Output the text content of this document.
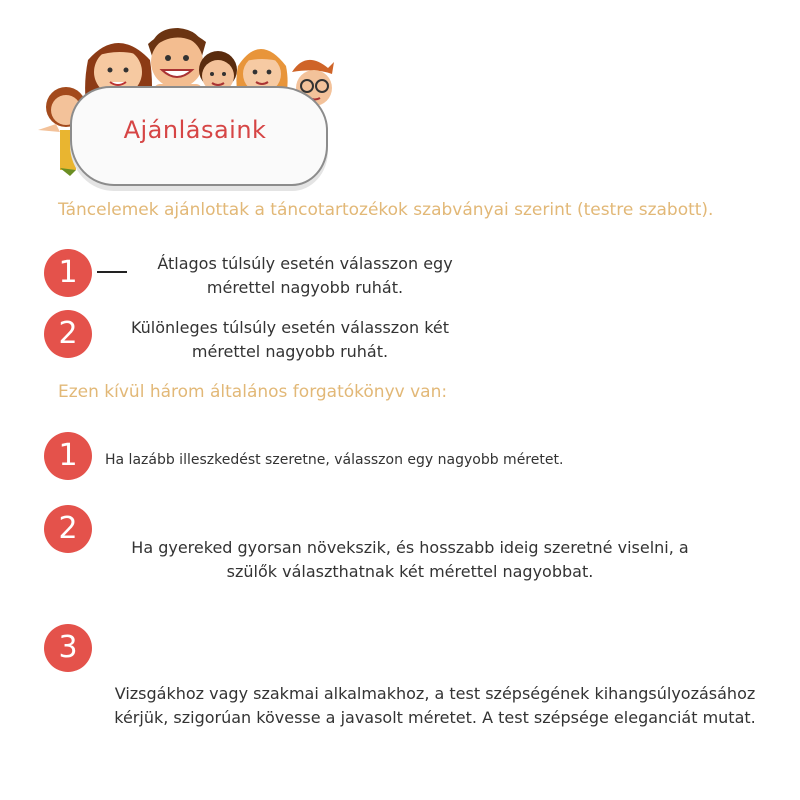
Ajánlásaink
Táncelemek ajánlottak a táncotartozékok szabványai szerint (testre szabott).
1	Átlagos túlsúly esetén válasszon egy mérettel nagyobb ruhát.
2	Különleges túlsúly esetén válasszon két mérettel nagyobb ruhát.
Ezen kívül három általános forgatókönyv van:
1	Ha lazább illeszkedést szeretne, válasszon egy nagyobb méretet.
2
Ha gyereked gyorsan növekszik, és hosszabb ideig szeretné viselni, a szülők választhatnak két mérettel nagyobbat.
3
Vizsgákhoz vagy szakmai alkalmakhoz, a test szépségének kihangsúlyozásához kérjük, szigorúan kövesse a javasolt méretet. A test szépsége eleganciát mutat.
